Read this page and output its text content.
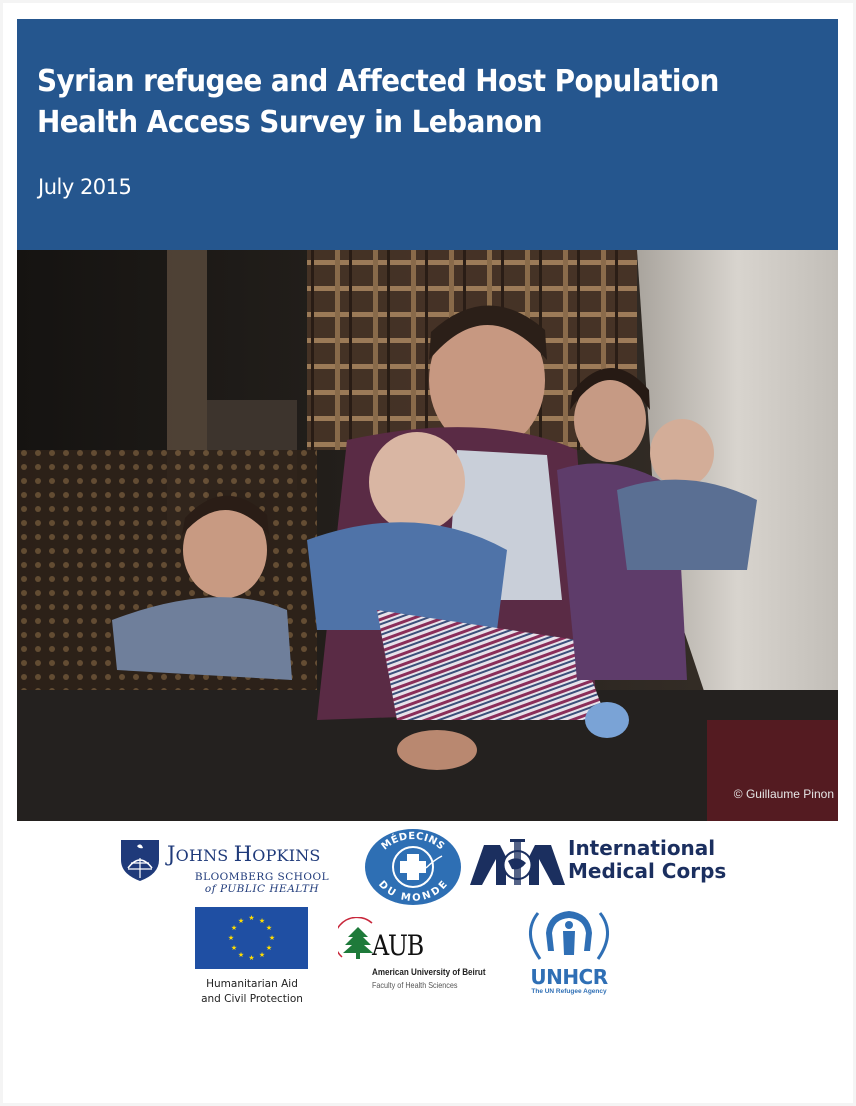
Syrian refugee and Affected Host Population
Health Access Survey in Lebanon
July 2015
© Guillaume Pinon
JOHNS HOPKINS
BLOOMBERG SCHOOL
of PUBLIC HEALTH
MÉDECINS
DU MONDE
International
Medical Corps
★ ★
★
★
★
★
★
★
★
★
★
★
Humanitarian Aid
and Civil Protection
AUB
American University of Beirut
Faculty of Health Sciences	UNHCR
The UN Refugee Agency
